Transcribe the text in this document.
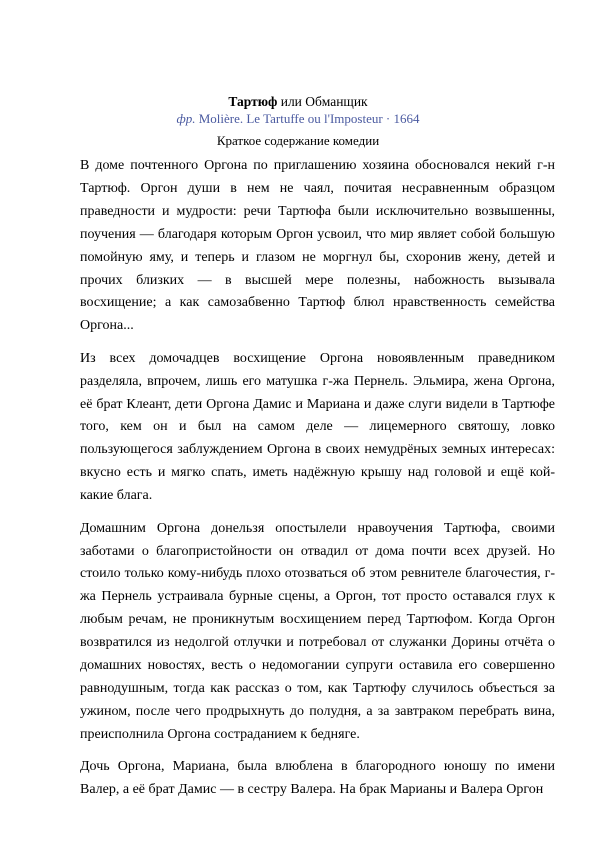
Тартюф или Обманщик
фр. Molière. Le Tartuffe ou l'Imposteur · 1664
Краткое содержание комедии

В доме почтенного Оргона по приглашению хозяина обосновался некий г-н Тартюф. Оргон души в нем не чаял, почитая несравненным образцом праведности и мудрости: речи Тартюфа были исключительно возвышенны, поучения — благодаря которым Оргон усвоил, что мир являет собой большую помойную яму, и теперь и глазом не моргнул бы, схоронив жену, детей и прочих близких — в высшей мере полезны, набожность вызывала восхищение; а как самозабвенно Тартюф блюл нравственность семейства Оргона...

Из всех домочадцев восхищение Оргона новоявленным праведником разделяла, впрочем, лишь его матушка г-жа Пернель. Эльмира, жена Оргона, её брат Клеант, дети Оргона Дамис и Мариана и даже слуги видели в Тартюфе того, кем он и был на самом деле — лицемерного святошу, ловко пользующегося заблуждением Оргона в своих немудрёных земных интересах: вкусно есть и мягко спать, иметь надёжную крышу над головой и ещё кой-какие блага.

Домашним Оргона донельзя опостылели нравоучения Тартюфа, своими заботами о благопристойности он отвадил от дома почти всех друзей. Но стоило только кому-нибудь плохо отозваться об этом ревнителе благочестия, г-жа Пернель устраивала бурные сцены, а Оргон, тот просто оставался глух к любым речам, не проникнутым восхищением перед Тартюфом. Когда Оргон возвратился из недолгой отлучки и потребовал от служанки Дорины отчёта о домашних новостях, весть о недомогании супруги оставила его совершенно равнодушным, тогда как рассказ о том, как Тартюфу случилось объесться за ужином, после чего продрыхнуть до полудня, а за завтраком перебрать вина, преисполнила Оргона состраданием к бедняге.

Дочь Оргона, Мариана, была влюблена в благородного юношу по имени Валер, а её брат Дамис — в сестру Валера. На брак Марианы и Валера Оргон
